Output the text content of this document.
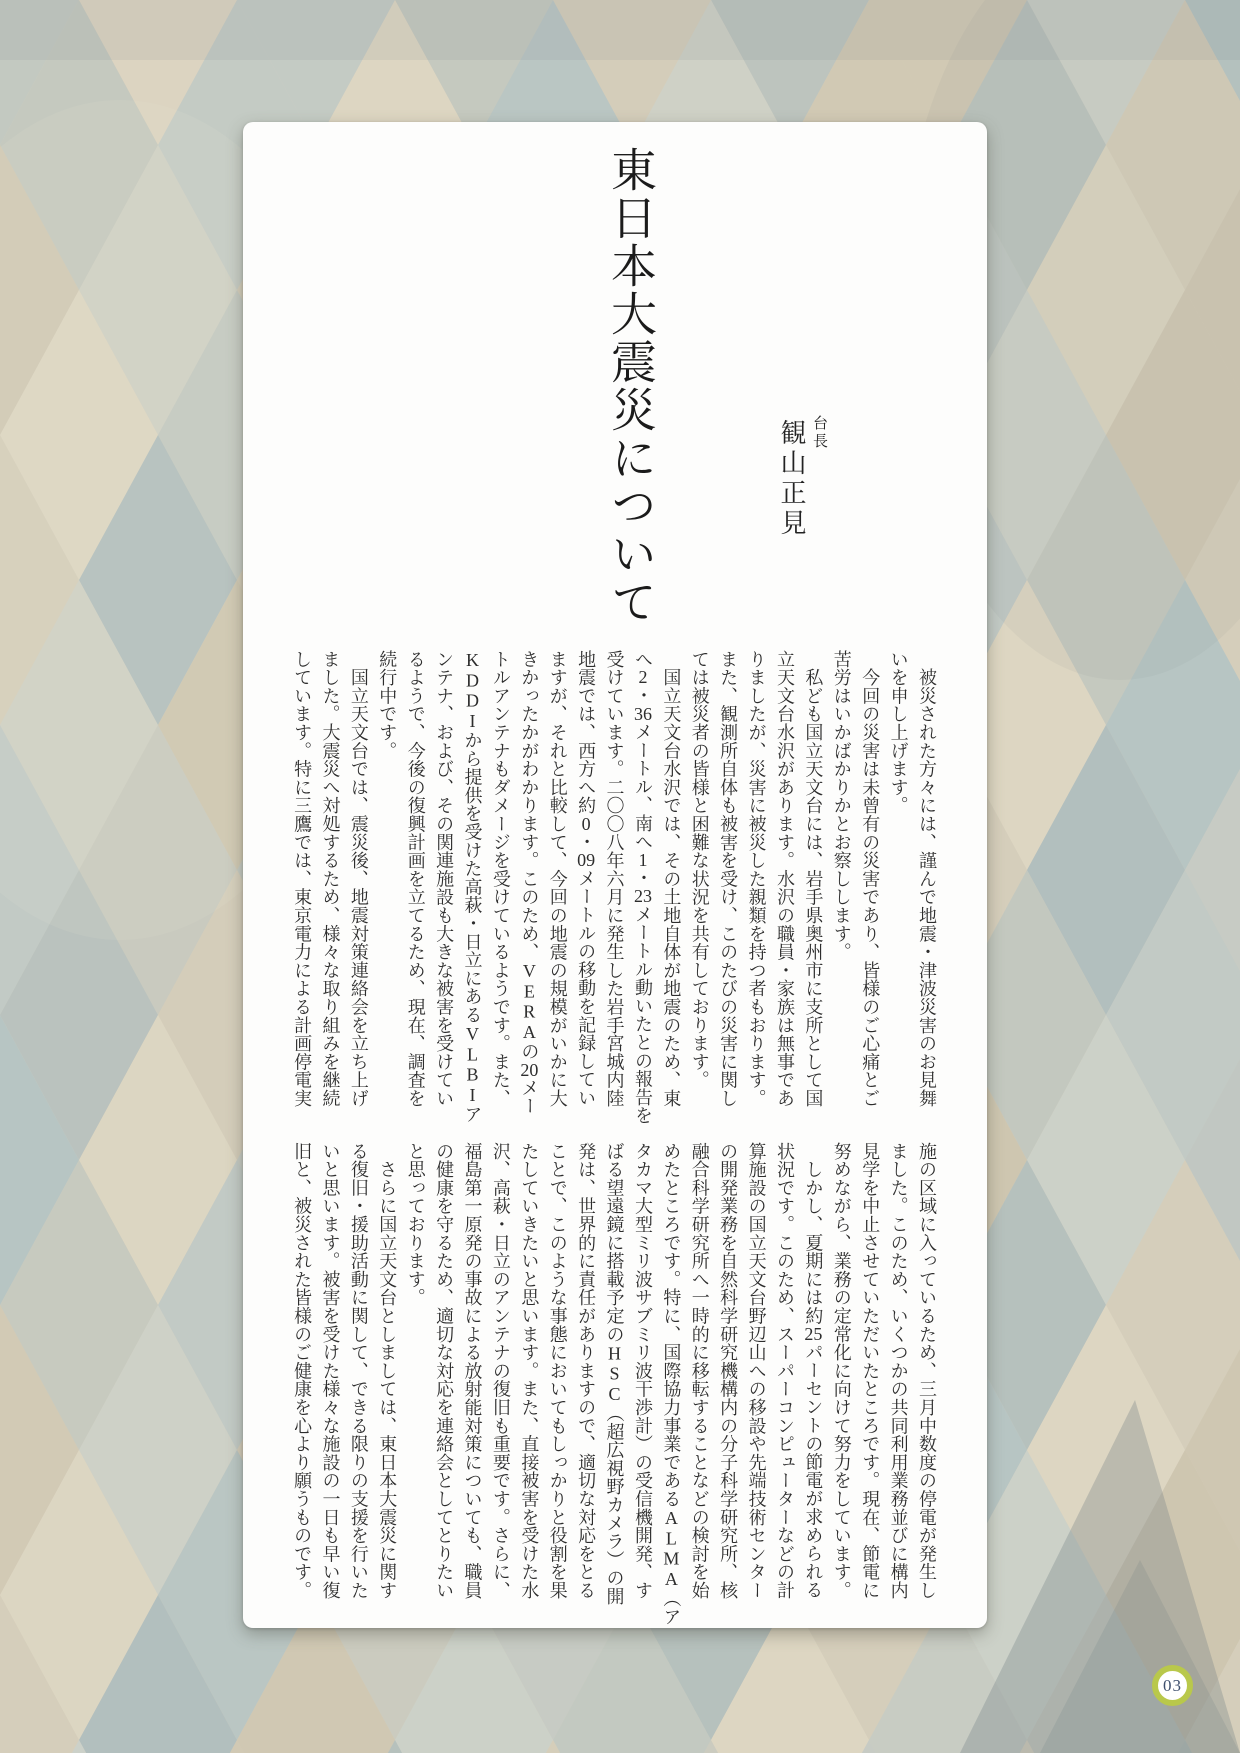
東日本大震災について	台長
観山正見
　被災された方々には、謹んで地震・津波災害のお見舞
いを申し上げます。
　今回の災害は未曾有の災害であり、皆様のご心痛とご
苦労はいかばかりかとお察しします。
　私ども国立天文台には、岩手県奥州市に支所として国
立天文台水沢があります。水沢の職員・家族は無事であ
りましたが、災害に被災した親類を持つ者もおります。
また、観測所自体も被害を受け、このたびの災害に関し
ては被災者の皆様と困難な状況を共有しております。
　国立天文台水沢では、その土地自体が地震のため、東
へ2・36メートル、南へ1・23メートル動いたとの報告を
受けています。二〇〇八年六月に発生した岩手宮城内陸
地震では、西方へ約0・09メートルの移動を記録してい
ますが、それと比較して、今回の地震の規模がいかに大
きかったかがわかります。このため、VERAの20メー
トルアンテナもダメージを受けているようです。また、
KDDIから提供を受けた高萩・日立にあるVLBIア
ンテナ、および、その関連施設も大きな被害を受けてい
るようで、今後の復興計画を立てるため、現在、調査を
続行中です。
　国立天文台では、震災後、地震対策連絡会を立ち上げ
ました。大震災へ対処するため、様々な取り組みを継続
しています。特に三鷹では、東京電力による計画停電実
施の区域に入っているため、三月中数度の停電が発生し
ました。このため、いくつかの共同利用業務並びに構内
見学を中止させていただいたところです。現在、節電に
努めながら、業務の定常化に向けて努力をしています。
　しかし、夏期には約25パーセントの節電が求められる
状況です。このため、スーパーコンピューターなどの計
算施設の国立天文台野辺山への移設や先端技術センター
の開発業務を自然科学研究機構内の分子科学研究所、核
融合科学研究所へ一時的に移転することなどの検討を始
めたところです。特に、国際協力事業であるALMA（ア
タカマ大型ミリ波サブミリ波干渉計）の受信機開発、す
ばる望遠鏡に搭載予定のHSC（超広視野カメラ）の開
発は、世界的に責任がありますので、適切な対応をとる
ことで、このような事態においてもしっかりと役割を果
たしていきたいと思います。また、直接被害を受けた水
沢、高萩・日立のアンテナの復旧も重要です。さらに、
福島第一原発の事故による放射能対策についても、職員
の健康を守るため、適切な対応を連絡会としてとりたい
と思っております。
　さらに国立天文台としましては、東日本大震災に関す
る復旧・援助活動に関して、できる限りの支援を行いた
いと思います。被害を受けた様々な施設の一日も早い復
旧と、被災された皆様のご健康を心より願うものです。
03
